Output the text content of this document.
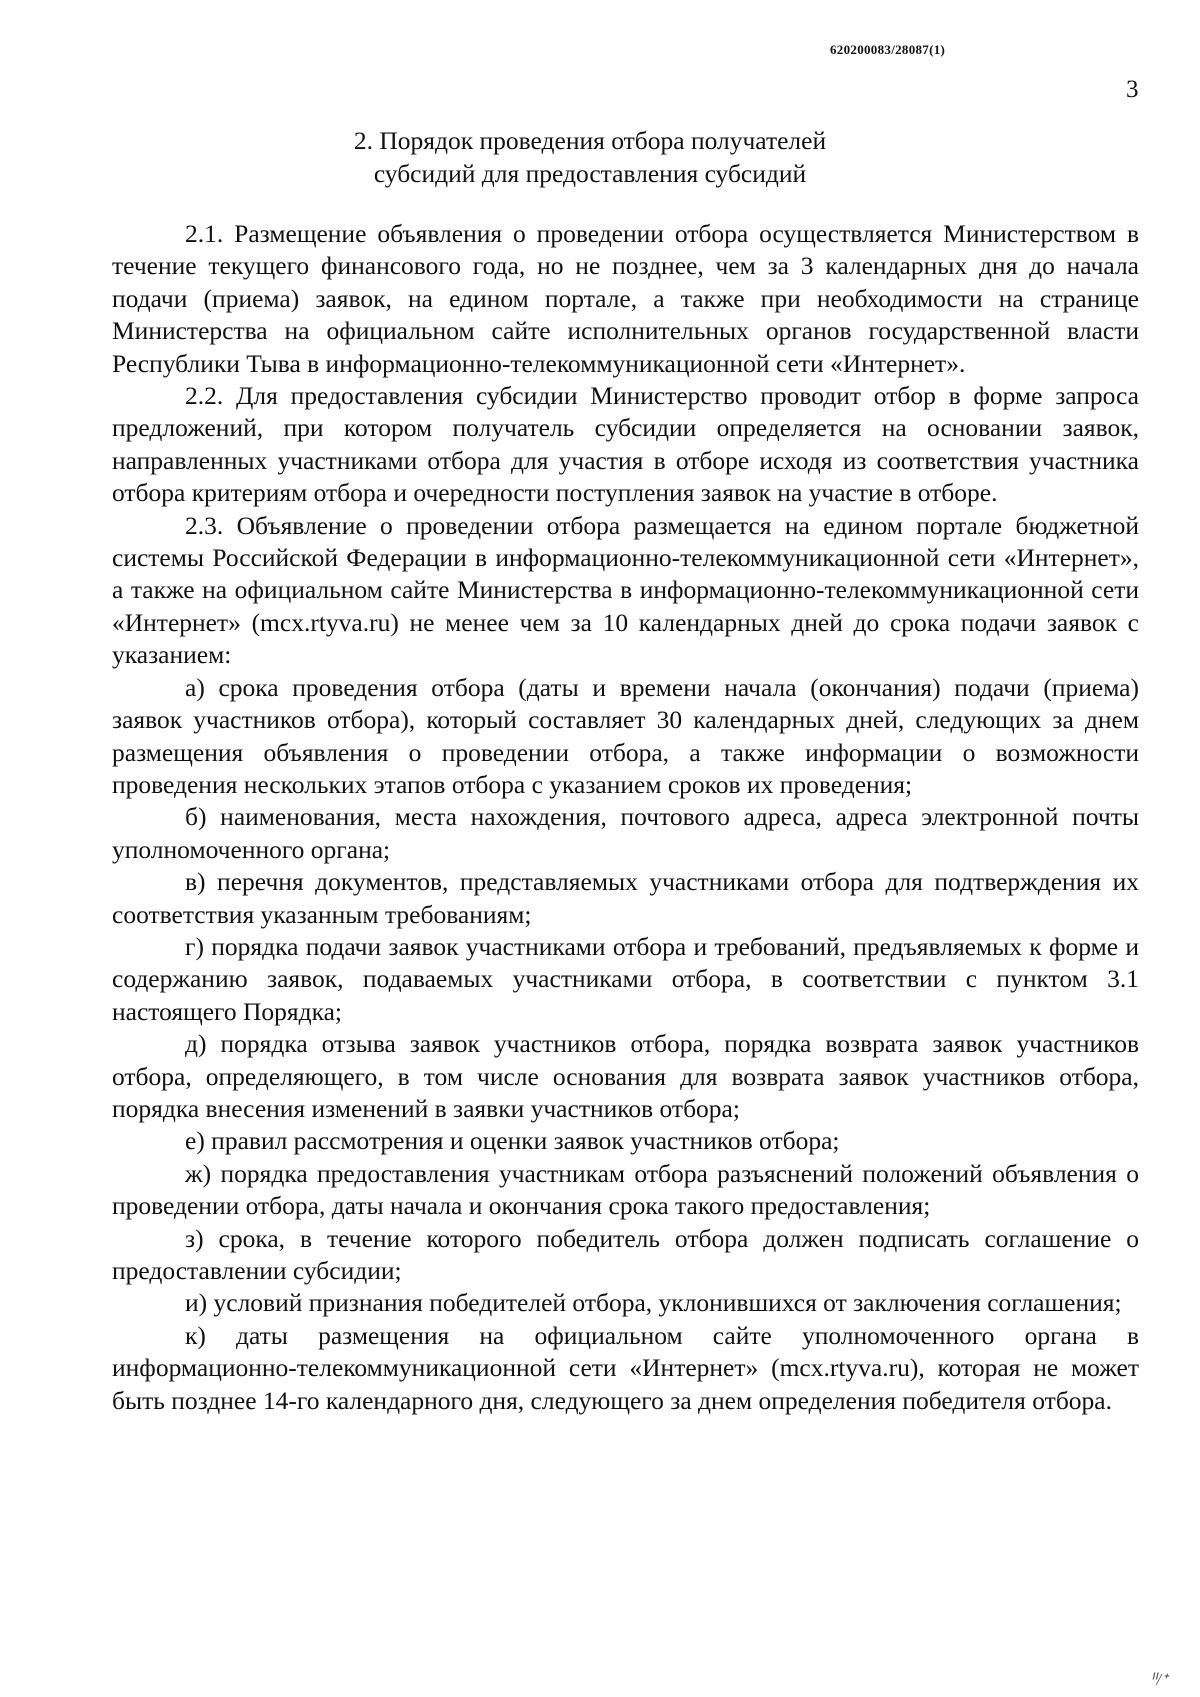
620200083/28087(1)
3
2. Порядок проведения отбора получателей
субсидий для предоставления субсидий

2.1. Размещение объявления о проведении отбора осуществляется Министерством в течение текущего финансового года, но не позднее, чем за 3 календарных дня до начала подачи (приема) заявок, на едином портале, а также при необходимости на странице Министерства на официальном сайте исполнительных органов государственной власти Республики Тыва в информационно-телекоммуникационной сети «Интернет».

2.2. Для предоставления субсидии Министерство проводит отбор в форме запроса предложений, при котором получатель субсидии определяется на основании заявок, направленных участниками отбора для участия в отборе исходя из соответствия участника отбора критериям отбора и очередности поступления заявок на участие в отборе.

2.3. Объявление о проведении отбора размещается на едином портале бюджетной системы Российской Федерации в информационно-телекоммуникационной сети «Интернет», а также на официальном сайте Министерства в информационно-телекоммуникационной сети «Интернет» (mcx.rtyva.ru) не менее чем за 10 календарных дней до срока подачи заявок с указанием:

а) срока проведения отбора (даты и времени начала (окончания) подачи (приема) заявок участников отбора), который составляет 30 календарных дней, следующих за днем размещения объявления о проведении отбора, а также информации о возможности проведения нескольких этапов отбора с указанием сроков их проведения;

б) наименования, места нахождения, почтового адреса, адреса электронной почты уполномоченного органа;

в) перечня документов, представляемых участниками отбора для подтверждения их соответствия указанным требованиям;

г) порядка подачи заявок участниками отбора и требований, предъявляемых к форме и содержанию заявок, подаваемых участниками отбора, в соответствии с пунктом 3.1 настоящего Порядка;

д) порядка отзыва заявок участников отбора, порядка возврата заявок участников отбора, определяющего, в том числе основания для возврата заявок участников отбора, порядка внесения изменений в заявки участников отбора;

е) правил рассмотрения и оценки заявок участников отбора;

ж) порядка предоставления участникам отбора разъяснений положений объявления о проведении отбора, даты начала и окончания срока такого предоставления;

з) срока, в течение которого победитель отбора должен подписать соглашение о предоставлении субсидии;

и) условий признания победителей отбора, уклонившихся от заключения соглашения;

к) даты размещения на официальном сайте уполномоченного органа в информационно-телекоммуникационной сети «Интернет» (mcx.rtyva.ru), которая не может быть позднее 14-го календарного дня, следующего за днем определения победителя отбора.

ᑊᑊ/ᐩ
